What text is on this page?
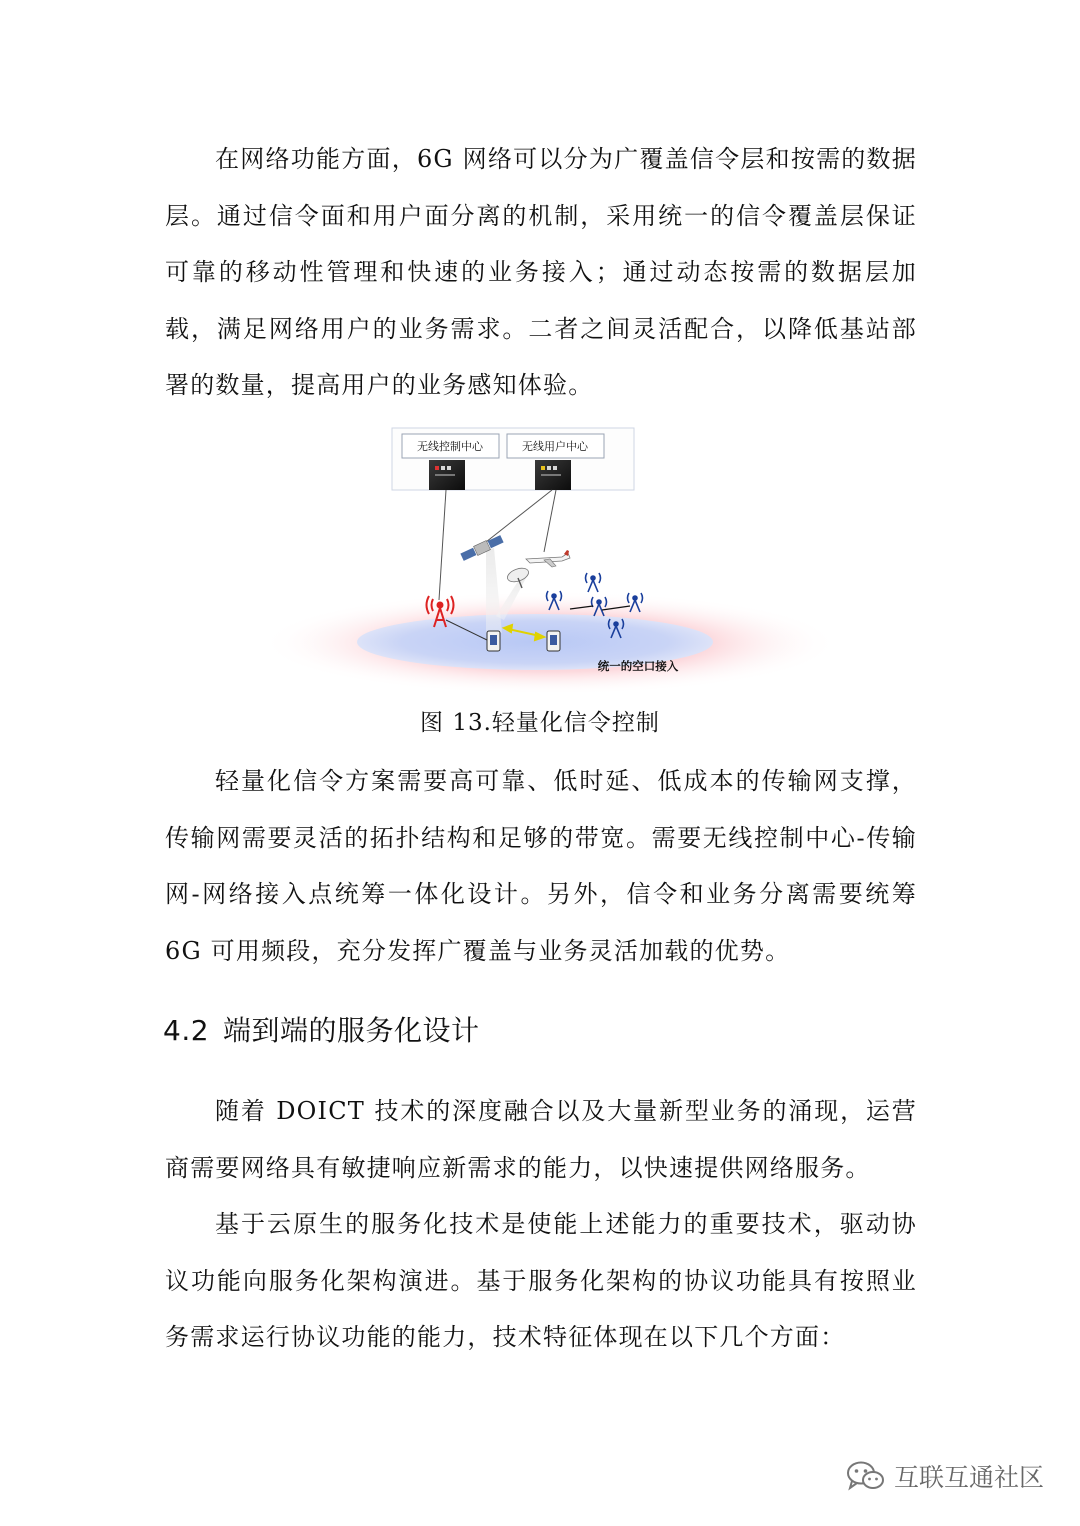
在网络功能方面，6G 网络可以分为广覆盖信令层和按需的数据层。通过信令面和用户面分离的机制，采用统一的信令覆盖层保证可靠的移动性管理和快速的业务接入；通过动态按需的数据层加载，满足网络用户的业务需求。二者之间灵活配合，以降低基站部署的数量，提高用户的业务感知体验。

无线控制中心	无线用户中心
统一的空口接入
图 13.轻量化信令控制

轻量化信令方案需要高可靠、低时延、低成本的传输网支撑，传输网需要灵活的拓扑结构和足够的带宽。需要无线控制中心-传输网-网络接入点统筹一体化设计。另外，信令和业务分离需要统筹 6G 可用频段，充分发挥广覆盖与业务灵活加载的优势。

4.2 端到端的服务化设计

随着 DOICT 技术的深度融合以及大量新型业务的涌现，运营商需要网络具有敏捷响应新需求的能力，以快速提供网络服务。

基于云原生的服务化技术是使能上述能力的重要技术，驱动协议功能向服务化架构演进。基于服务化架构的协议功能具有按照业务需求运行协议功能的能力，技术特征体现在以下几个方面：

互联互通社区
